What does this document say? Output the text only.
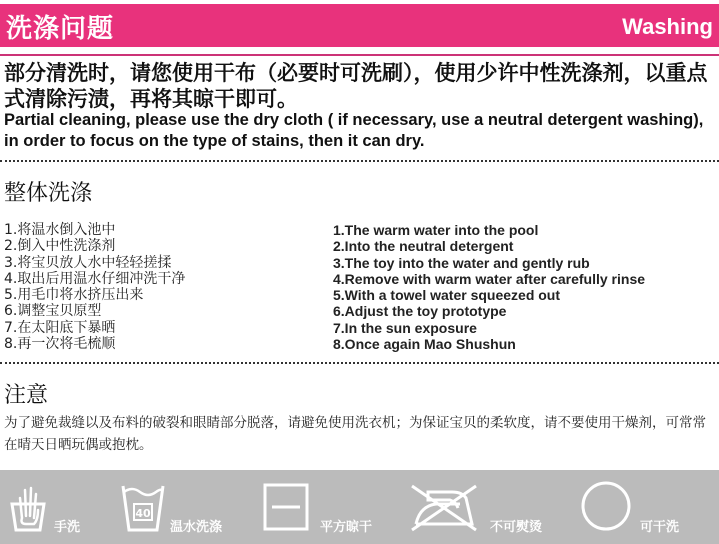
洗涤问题	Washing
部分清洗时，请您使用干布（必要时可洗刷），使用少许中性洗涤剂，以重点式清除污渍，再将其晾干即可。
Partial cleaning, please use the dry cloth ( if necessary, use a neutral detergent washing), in order to focus on the type of stains, then it can dry.
整体洗涤
1.将温水倒入池中
2.倒入中性洗涤剂
3.将宝贝放人水中轻轻搓揉
4.取出后用温水仔细冲洗干净
5.用毛巾将水挤压出来
6.调整宝贝原型
7.在太阳底下暴晒
8.再一次将毛梳顺
1.The warm water into the pool
2.Into the neutral detergent
3.The toy into the water and gently rub
4.Remove with warm water after carefully rinse
5.With a towel water squeezed out
6.Adjust the toy prototype
7.In the sun exposure
8.Once again Mao Shushun
注意
为了避免裁缝以及布料的破裂和眼睛部分脱落，请避免使用洗衣机；为保证宝贝的柔软度，请不要使用干燥剂，可常常在晴天日晒玩偶或抱枕。
手洗
40
温水洗涤	平方晾干	不可熨烫	可干洗
